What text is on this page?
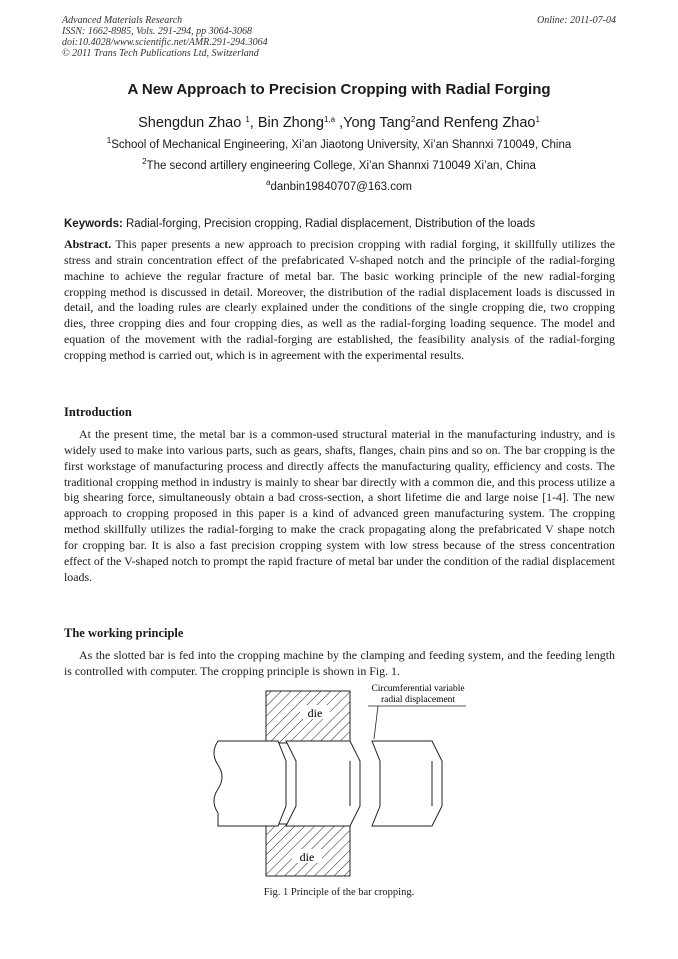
Advanced Materials Research
ISSN: 1662-8985, Vols. 291-294, pp 3064-3068
doi:10.4028/www.scientific.net/AMR.291-294.3064
© 2011 Trans Tech Publications Ltd, Switzerland
Online: 2011-07-04
A New Approach to Precision Cropping with Radial Forging
Shengdun Zhao $^1$, Bin Zhong$^{1,a}$ ,Yong Tang$^2$and Renfeng Zhao$^1$
$^1$School of Mechanical Engineering, Xi’an Jiaotong University, Xi’an Shannxi 710049, China
$^2$The second artillery engineering College, Xi’an Shannxi 710049 Xi’an, China
$^a$danbin19840707@163.com
Keywords: Radial-forging, Precision cropping, Radial displacement, Distribution of the loads

Abstract. This paper presents a new approach to precision cropping with radial forging, it skillfully utilizes the stress and strain concentration effect of the prefabricated V-shaped notch and the principle of the radial-forging machine to achieve the regular fracture of metal bar. The basic working principle of the new radial-forging cropping method is discussed in detail. Moreover, the distribution of the radial displacement loads is discussed in detail, and the loading rules are clearly explained under the conditions of the single cropping die, two cropping dies, three cropping dies and four cropping dies, as well as the radial-forging loading sequence. The model and equation of the movement with the radial-forging are established, the feasibility analysis of the radial-forging cropping method is carried out, which is in agreement with the experimental results.

Introduction

At the present time, the metal bar is a common-used structural material in the manufacturing industry, and is widely used to make into various parts, such as gears, shafts, flanges, chain pins and so on. The bar cropping is the first workstage of manufacturing process and directly affects the manufacturing quality, efficiency and costs. The traditional cropping method in industry is mainly to shear bar directly with a common die, and this process utilize a big shearing force, simultaneously obtain a bad cross-section, a short lifetime die and large noise [1-4]. The new approach to cropping proposed in this paper is a kind of advanced green manufacturing system. The cropping method skillfully utilizes the radial-forging to make the crack propagating along the prefabricated V shape notch for cropping bar. It is also a fast precision cropping system with low stress because of the stress concentration effect of the V-shaped notch to prompt the rapid fracture of metal bar under the condition of the radial displacement loads.

The working principle

As the slotted bar is fed into the cropping machine by the clamping and feeding system, and the feeding length is controlled with computer. The cropping principle is shown in Fig. 1.

die
die
Circumferential variable
radial displacement
Fig. 1 Principle of the bar cropping.
